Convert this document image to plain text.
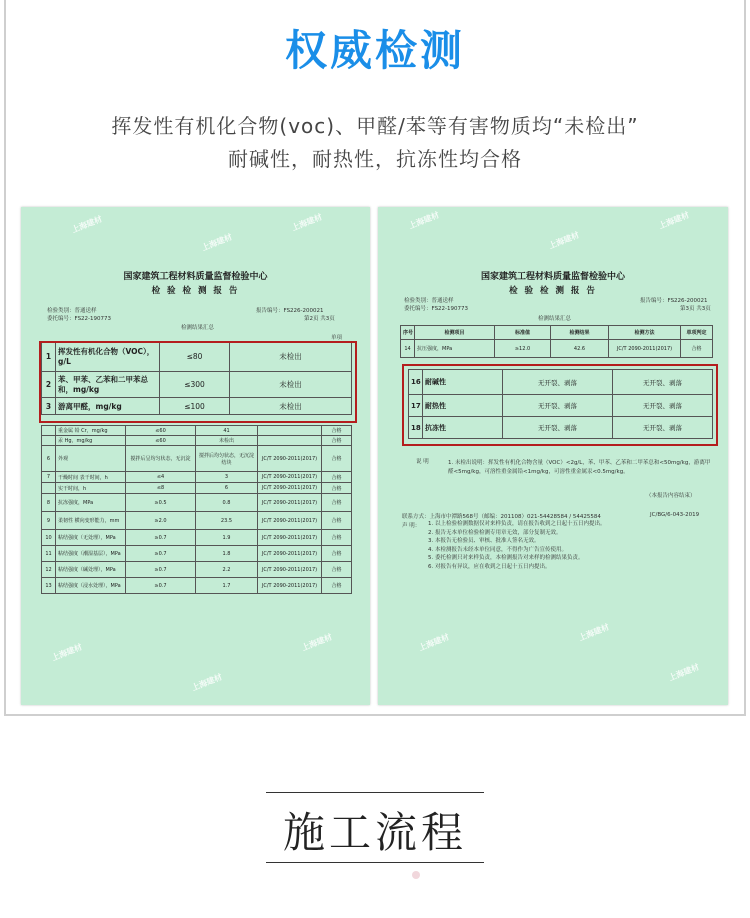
权威检测
挥发性有机化合物(voc)、甲醛/苯等有害物质均“未检出”
耐碱性，耐热性，抗冻性均合格
上海建材
上海建材
上海建材
上海建材
上海建材
上海建材
国家建筑工程材料质量监督检验中心
检 验 检 测 报 告
检验类别：普通送样
委托编号：FS22-190773
报告编号：FS226-200021
第2页 共3页
检测结果汇总
单项
1	挥发性有机化合物（VOC），g/L	≤80	未检出
2	苯、甲苯、乙苯和二甲苯总和，mg/kg	≤300	未检出
3	游离甲醛，mg/kg	≤100	未检出
	重金属 铅 Cr，mg/kg	≤60	41		合格
	汞 Hg，mg/kg	≤60	未检出		合格
6	外观	搅拌后呈均匀状态，无沉淀	搅拌后均匀状态，无沉淀结块	JC/T 2090-2011(2017)	合格
7	干燥时间 表干时间，h	≤4	3	JC/T 2090-2011(2017)	合格
	实干时间，h	≤8	6	JC/T 2090-2011(2017)	合格
8	抗冻强度，MPa	≥0.5	0.8	JC/T 2090-2011(2017)	合格
9	柔韧性 横向变形能力，mm	≥2.0	23.5	JC/T 2090-2011(2017)	合格
10	粘结强度（无处理），MPa	≥0.7	1.9	JC/T 2090-2011(2017)	合格
11	粘结强度（潮湿基层），MPa	≥0.7	1.8	JC/T 2090-2011(2017)	合格
12	粘结强度（碱处理），MPa	≥0.7	2.2	JC/T 2090-2011(2017)	合格
13	粘结强度（浸水处理），MPa	≥0.7	1.7	JC/T 2090-2011(2017)	合格
上海建材
上海建材
上海建材
上海建材	上海建材
上海建材
国家建筑工程材料质量监督检验中心
检 验 检 测 报 告
检验类别：普通送样
委托编号：FS22-190773
报告编号：FS226-200021
第3页 共3页
检测结果汇总
序号	检测项目	标准值	检测结果	检测方法	单项判定
14	抗压强度，MPa	≥12.0	42.6	JC/T 2090-2011(2017)	合格
16	耐碱性	无开裂、剥落	无开裂、剥落
17	耐热性	无开裂、剥落	无开裂、剥落
18	抗冻性	无开裂、剥落	无开裂、剥落
说 明	1. 未检出说明：挥发性有机化合物含量（VOC）<2g/L，苯、甲苯、乙苯和二甲苯总和<50mg/kg，游离甲醛<5mg/kg，可溶性重金属铅<1mg/kg，可溶性重金属汞<0.5mg/kg。
（本报告内容结束）
联系方式：上海市中潭路568号（邮编：201108）021-54428584 / 54425584	JC/BG/6-043-2019
声 明： 1. 以上检验检测数据仅对来样负责，请在报告收到之日起十五日内提出。
2. 报告无本单位检验检测专用章无效，部分复制无效。
3. 本报告无检验员、审核、批准人签名无效。
4. 本检测报告未经本单位同意，不得作为广告宣传使用。
5. 委托检测只对来样负责，本检测报告对来样的检测结果负责。
6. 对报告有异议，应在收到之日起十五日内提出。
施工流程
